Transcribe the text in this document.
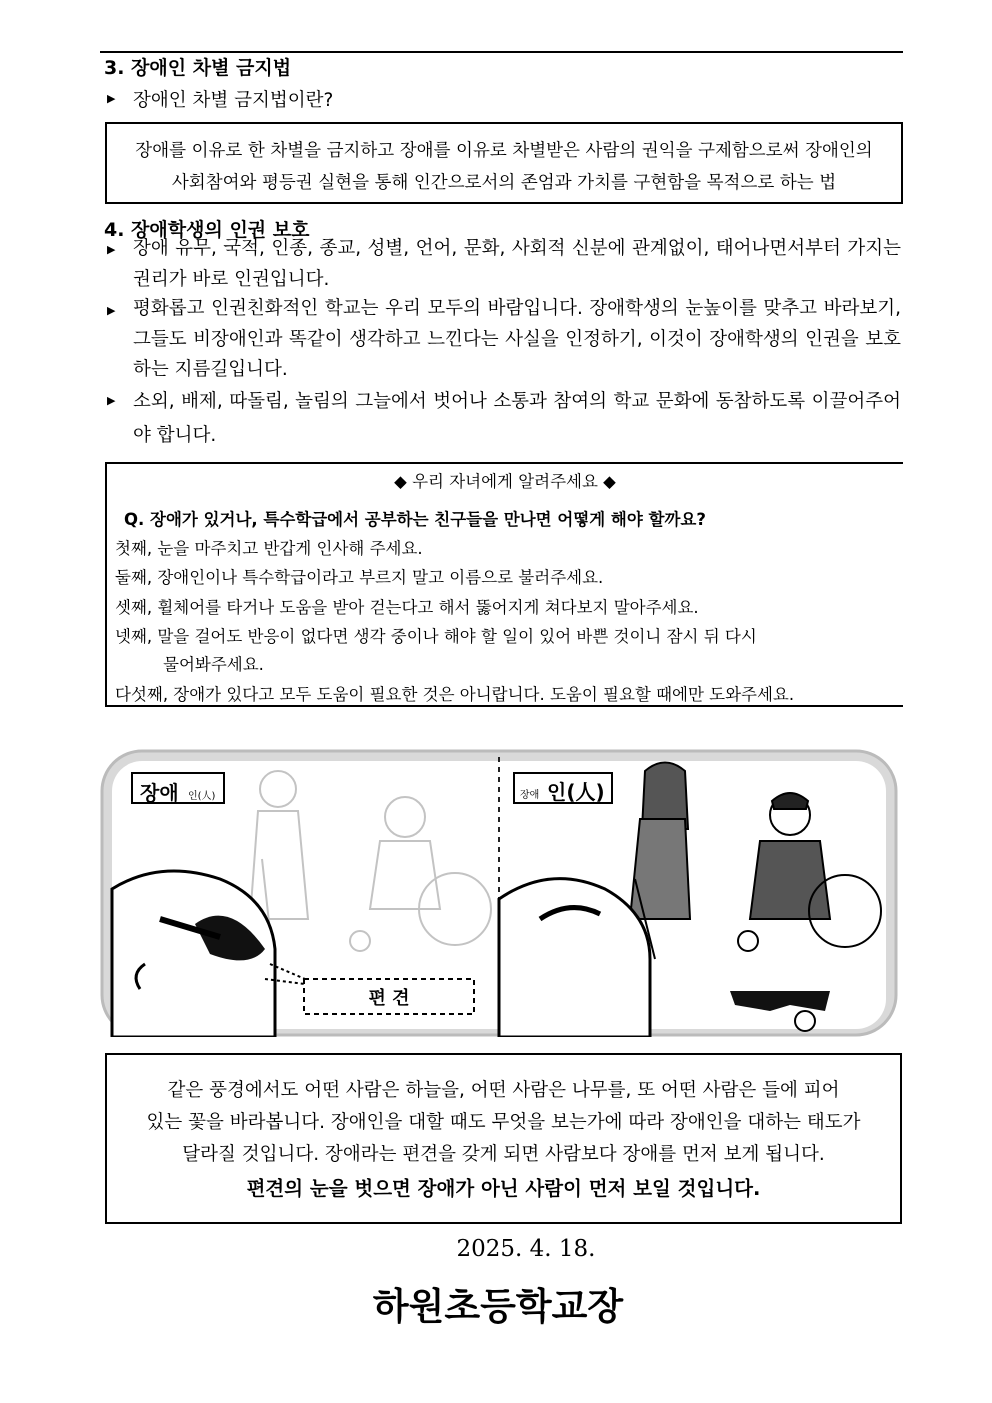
3. 장애인 차별 금지법
▶ 장애인 차별 금지법이란?
장애를 이유로 한 차별을 금지하고 장애를 이유로 차별받은 사람의 권익을 구제함으로써 장애인의
사회참여와 평등권 실현을 통해 인간으로서의 존엄과 가치를 구현함을 목적으로 하는 법
4. 장애학생의 인권 보호
▶ 장애 유무, 국적, 인종, 종교, 성별, 언어, 문화, 사회적 신분에 관계없이, 태어나면서부터 가지는 권리가 바로 인권입니다.
▶ 평화롭고 인권친화적인 학교는 우리 모두의 바람입니다. 장애학생의 눈높이를 맞추고 바라보기, 그들도 비장애인과 똑같이 생각하고 느낀다는 사실을 인정하기, 이것이 장애학생의 인권을 보호하는 지름길입니다.
▶ 소외, 배제, 따돌림, 놀림의 그늘에서 벗어나 소통과 참여의 학교 문화에 동참하도록 이끌어주어야 합니다.
◆ 우리 자녀에게 알려주세요 ◆
Q. 장애가 있거나, 특수학급에서 공부하는 친구들을 만나면 어떻게 해야 할까요?
첫째, 눈을 마주치고 반갑게 인사해 주세요.
둘째, 장애인이나 특수학급이라고 부르지 말고 이름으로 불러주세요.
셋째, 휠체어를 타거나 도움을 받아 걷는다고 해서 뚫어지게 쳐다보지 말아주세요.
넷째, 말을 걸어도 반응이 없다면 생각 중이나 해야 할 일이 있어 바쁜 것이니 잠시 뒤 다시
물어봐주세요.
다섯째, 장애가 있다고 모두 도움이 필요한 것은 아니랍니다. 도움이 필요할 때에만 도와주세요.
장애 인(人)	장애 인(人)
편 견
같은 풍경에서도 어떤 사람은 하늘을, 어떤 사람은 나무를, 또 어떤 사람은 들에 피어
있는 꽃을 바라봅니다. 장애인을 대할 때도 무엇을 보는가에 따라 장애인을 대하는 태도가
달라질 것입니다. 장애라는 편견을 갖게 되면 사람보다 장애를 먼저 보게 됩니다.
편견의 눈을 벗으면 장애가 아닌 사람이 먼저 보일 것입니다.
2025. 4. 18.
하원초등학교장
